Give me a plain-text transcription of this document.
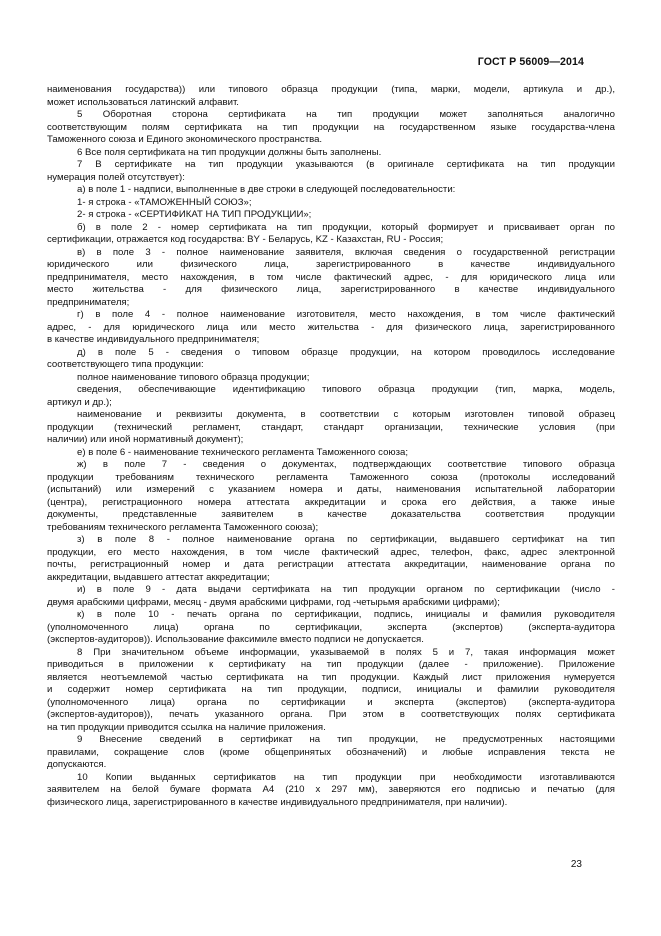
ГОСТ Р 56009—2014
наименования государства)) или типового образца продукции (типа, марки, модели, артикула и др.),
может использоваться латинский алфавит.
5 Оборотная сторона сертификата на тип продукции может заполняться аналогично
соответствующим полям сертификата на тип продукции на государственном языке государства-члена
Таможенного союза и Единого экономического пространства.
6 Все поля сертификата на тип продукции должны быть заполнены.
7 В сертификате на тип продукции указываются (в оригинале сертификата на тип продукции
нумерация полей отсутствует):
а) в поле 1 - надписи, выполненные в две строки в следующей последовательности:
1- я строка - «ТАМОЖЕННЫЙ СОЮЗ»;
2- я строка - «СЕРТИФИКАТ НА ТИП ПРОДУКЦИИ»;
б) в поле 2 - номер сертификата на тип продукции, который формирует и присваивает орган по
сертификации, отражается код государства: BY - Беларусь, KZ - Казахстан, RU - Россия;
в) в поле 3 - полное наименование заявителя, включая сведения о государственной регистрации
юридического или физического лица, зарегистрированного в качестве индивидуального
предпринимателя, место нахождения, в том числе фактический адрес, - для юридического лица или
место жительства - для физического лица, зарегистрированного в качестве индивидуального
предпринимателя;
г) в поле 4 - полное наименование изготовителя, место нахождения, в том числе фактический
адрес, - для юридического лица или место жительства - для физического лица, зарегистрированного
в качестве индивидуального предпринимателя;
д) в поле 5 - сведения о типовом образце продукции, на котором проводилось исследование
соответствующего типа продукции:
полное наименование типового образца продукции;
сведения, обеспечивающие идентификацию типового образца продукции (тип, марка, модель,
артикул и др.);
наименование и реквизиты документа, в соответствии с которым изготовлен типовой образец
продукции (технический регламент, стандарт, стандарт организации, технические условия (при
наличии) или иной нормативный документ);
е) в поле 6 - наименование технического регламента Таможенного союза;
ж) в поле 7 - сведения о документах, подтверждающих соответствие типового образца
продукции требованиям технического регламента Таможенного союза (протоколы исследований
(испытаний) или измерений с указанием номера и даты, наименования испытательной лаборатории
(центра), регистрационного номера аттестата аккредитации и срока его действия, а также иные
документы, представленные заявителем в качестве доказательства соответствия продукции
требованиям технического регламента Таможенного союза);
з) в поле 8 - полное наименование органа по сертификации, выдавшего сертификат на тип
продукции, его место нахождения, в том числе фактический адрес, телефон, факс, адрес электронной
почты, регистрационный номер и дата регистрации аттестата аккредитации, наименование органа по
аккредитации, выдавшего аттестат аккредитации;
и) в поле 9 - дата выдачи сертификата на тип продукции органом по сертификации (число -
двумя арабскими цифрами, месяц - двумя арабскими цифрами, год -четырьмя арабскими цифрами);
к) в поле 10 - печать органа по сертификации, подпись, инициалы и фамилия руководителя
(уполномоченного лица) органа по сертификации, эксперта (экспертов) (эксперта-аудитора
(экспертов-аудиторов)). Использование факсимиле вместо подписи не допускается.
8 При значительном объеме информации, указываемой в полях 5 и 7, такая информация может
приводиться в приложении к сертификату на тип продукции (далее - приложение). Приложение
является неотъемлемой частью сертификата на тип продукции. Каждый лист приложения нумеруется
и содержит номер сертификата на тип продукции, подписи, инициалы и фамилии руководителя
(уполномоченного лица) органа по сертификации и эксперта (экспертов) (эксперта-аудитора
(экспертов-аудиторов)), печать указанного органа. При этом в соответствующих полях сертификата
на тип продукции приводится ссылка на наличие приложения.
9 Внесение сведений в сертификат на тип продукции, не предусмотренных настоящими
правилами, сокращение слов (кроме общепринятых обозначений) и любые исправления текста не
допускаются.
10 Копии выданных сертификатов на тип продукции при необходимости изготавливаются
заявителем на белой бумаге формата А4 (210 х 297 мм), заверяются его подписью и печатью (для
физического лица, зарегистрированного в качестве индивидуального предпринимателя, при наличии).
23
